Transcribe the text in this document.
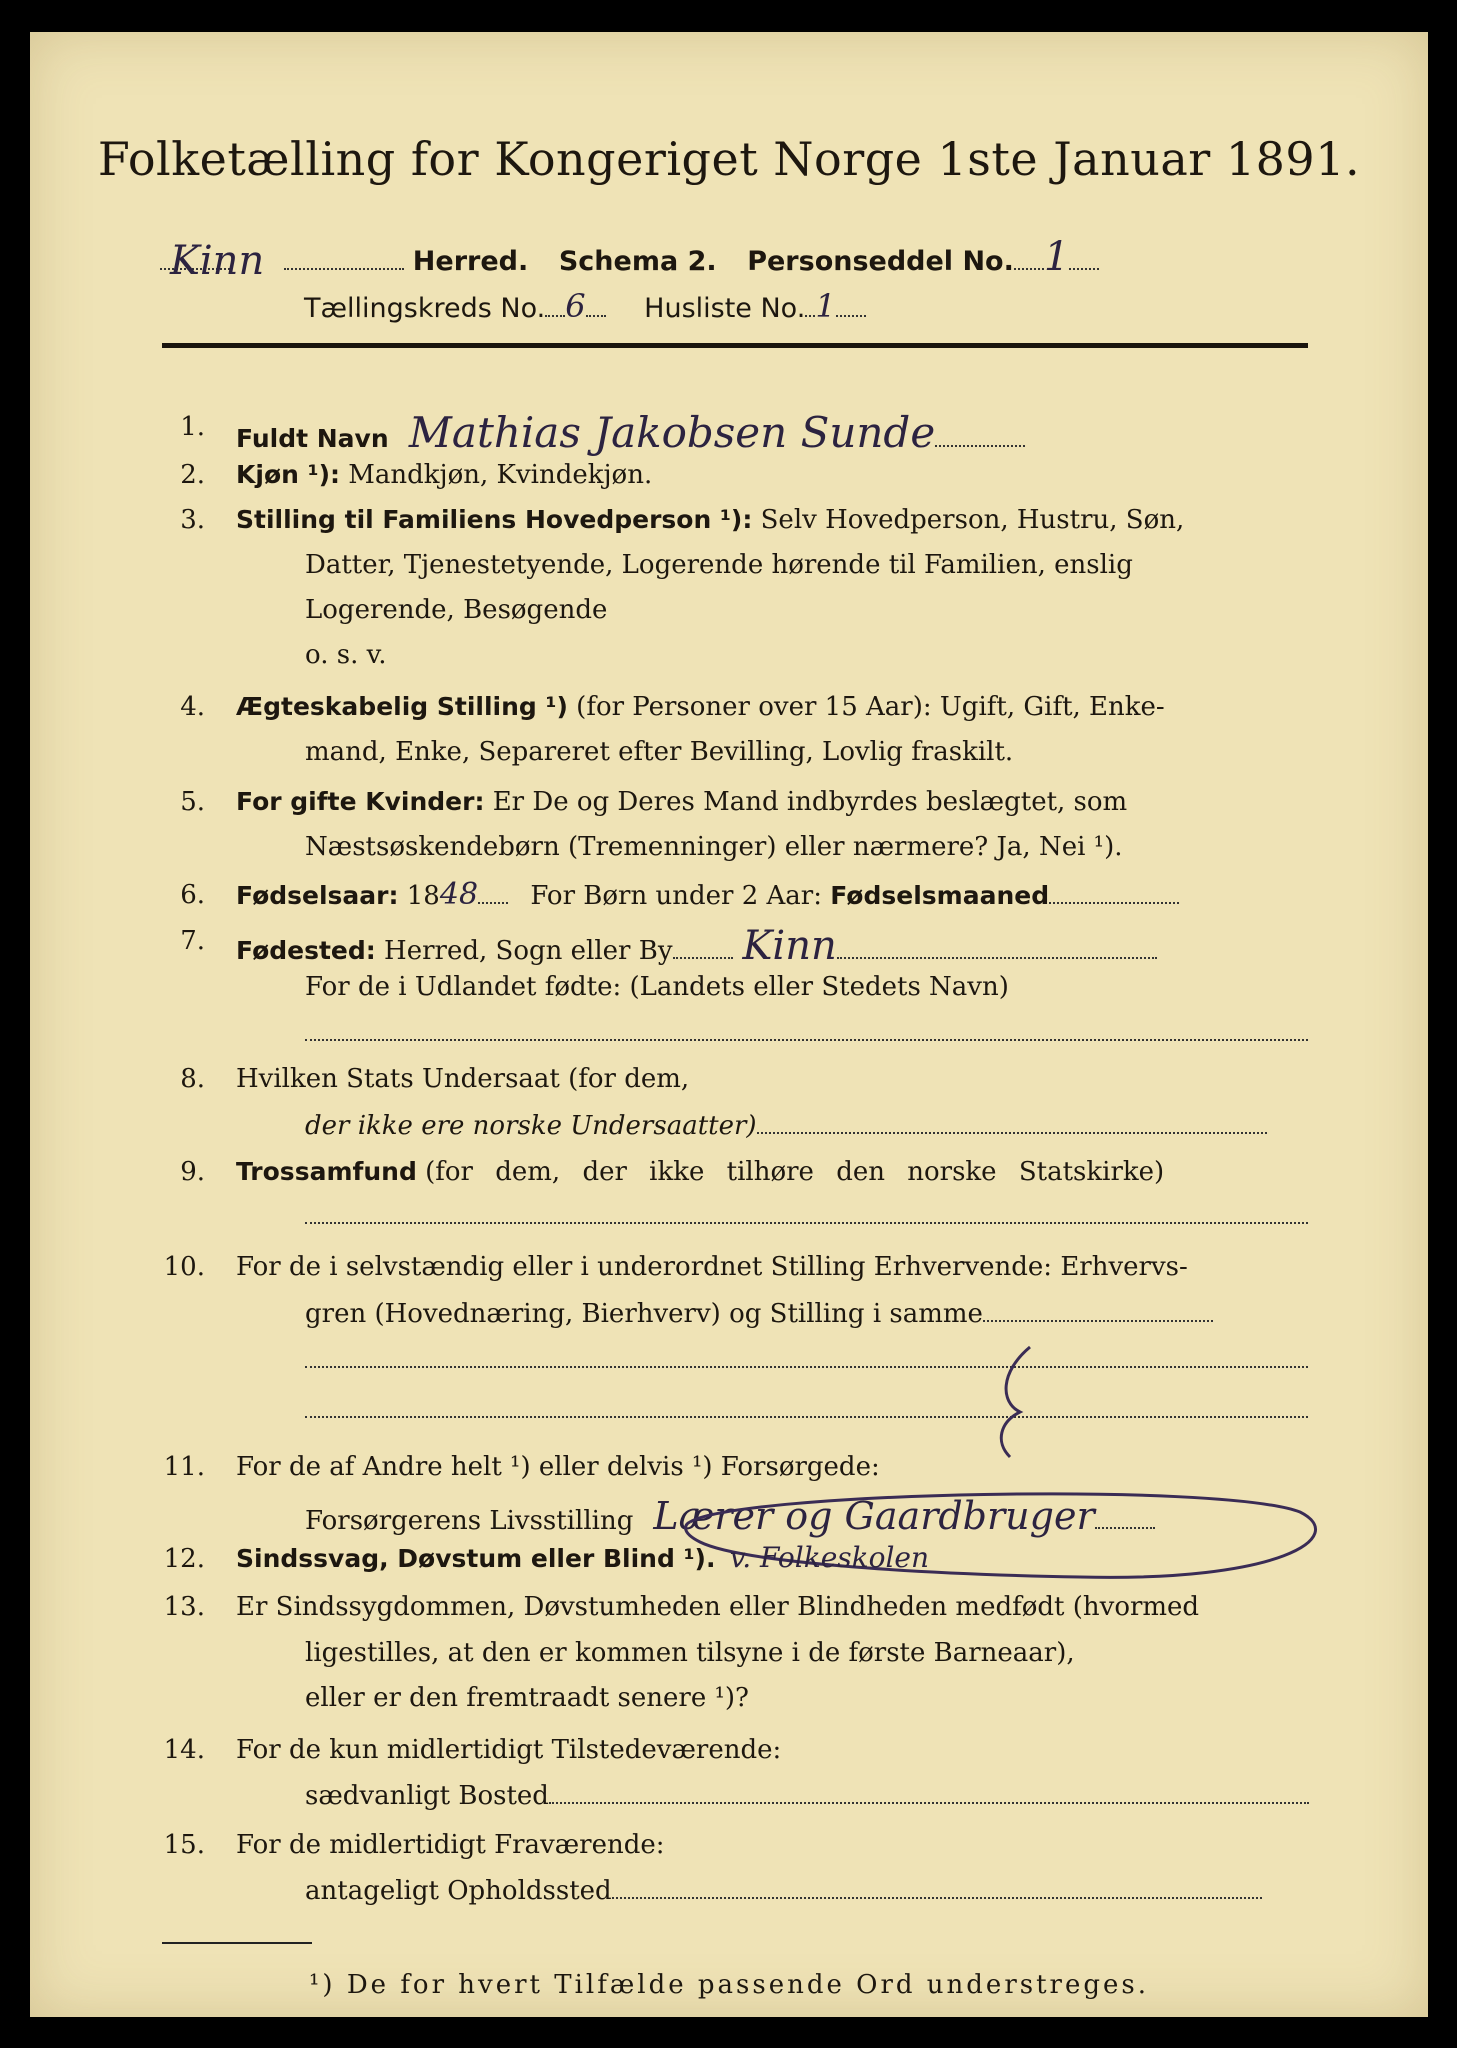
Folketælling for Kongeriget Norge 1ste Januar 1891.
Kinn	Herred. Schema 2. Personseddel No. 1
Tællingskreds No. 6 Husliste No. 1
1. Fuldt Navn Mathias Jakobsen Sunde
2. Kjøn ¹): Mandkjøn, Kvindekjøn.
3. Stilling til Familiens Hovedperson ¹): Selv Hovedperson, Hustru, Søn,
Datter, Tjenestetyende, Logerende hørende til Familien, enslig
Logerende, Besøgende
o. s. v.
4. Ægteskabelig Stilling ¹) (for Personer over 15 Aar): Ugift, Gift, Enke-
mand, Enke, Separeret efter Bevilling, Lovlig fraskilt.
5. For gifte Kvinder: Er De og Deres Mand indbyrdes beslægtet, som
Næstsøskendebørn (Tremenninger) eller nærmere? Ja, Nei ¹).
6. Fødselsaar: 1848 For Børn under 2 Aar: Fødselsmaaned
7. Fødested: Herred, Sogn eller By Kinn
For de i Udlandet fødte: (Landets eller Stedets Navn)
8. Hvilken Stats Undersaat (for dem,
der ikke ere norske Undersaatter)
9. Trossamfund (for dem, der ikke tilhøre den norske Statskirke)
10. For de i selvstændig eller i underordnet Stilling Erhvervende: Erhvervs-
gren (Hovednæring, Bierhverv) og Stilling i samme
11. For de af Andre helt ¹) eller delvis ¹) Forsørgede:
Forsørgerens Livsstilling Lærer og Gaardbruger
12. Sindssvag, Døvstum eller Blind ¹). v. Folkeskolen
13. Er Sindssygdommen, Døvstumheden eller Blindheden medfødt (hvormed
ligestilles, at den er kommen tilsyne i de første Barneaar),
eller er den fremtraadt senere ¹)?
14. For de kun midlertidigt Tilstedeværende:
sædvanligt Bosted
15. For de midlertidigt Fraværende:
antageligt Opholdssted
¹) De for hvert Tilfælde passende Ord understreges.
